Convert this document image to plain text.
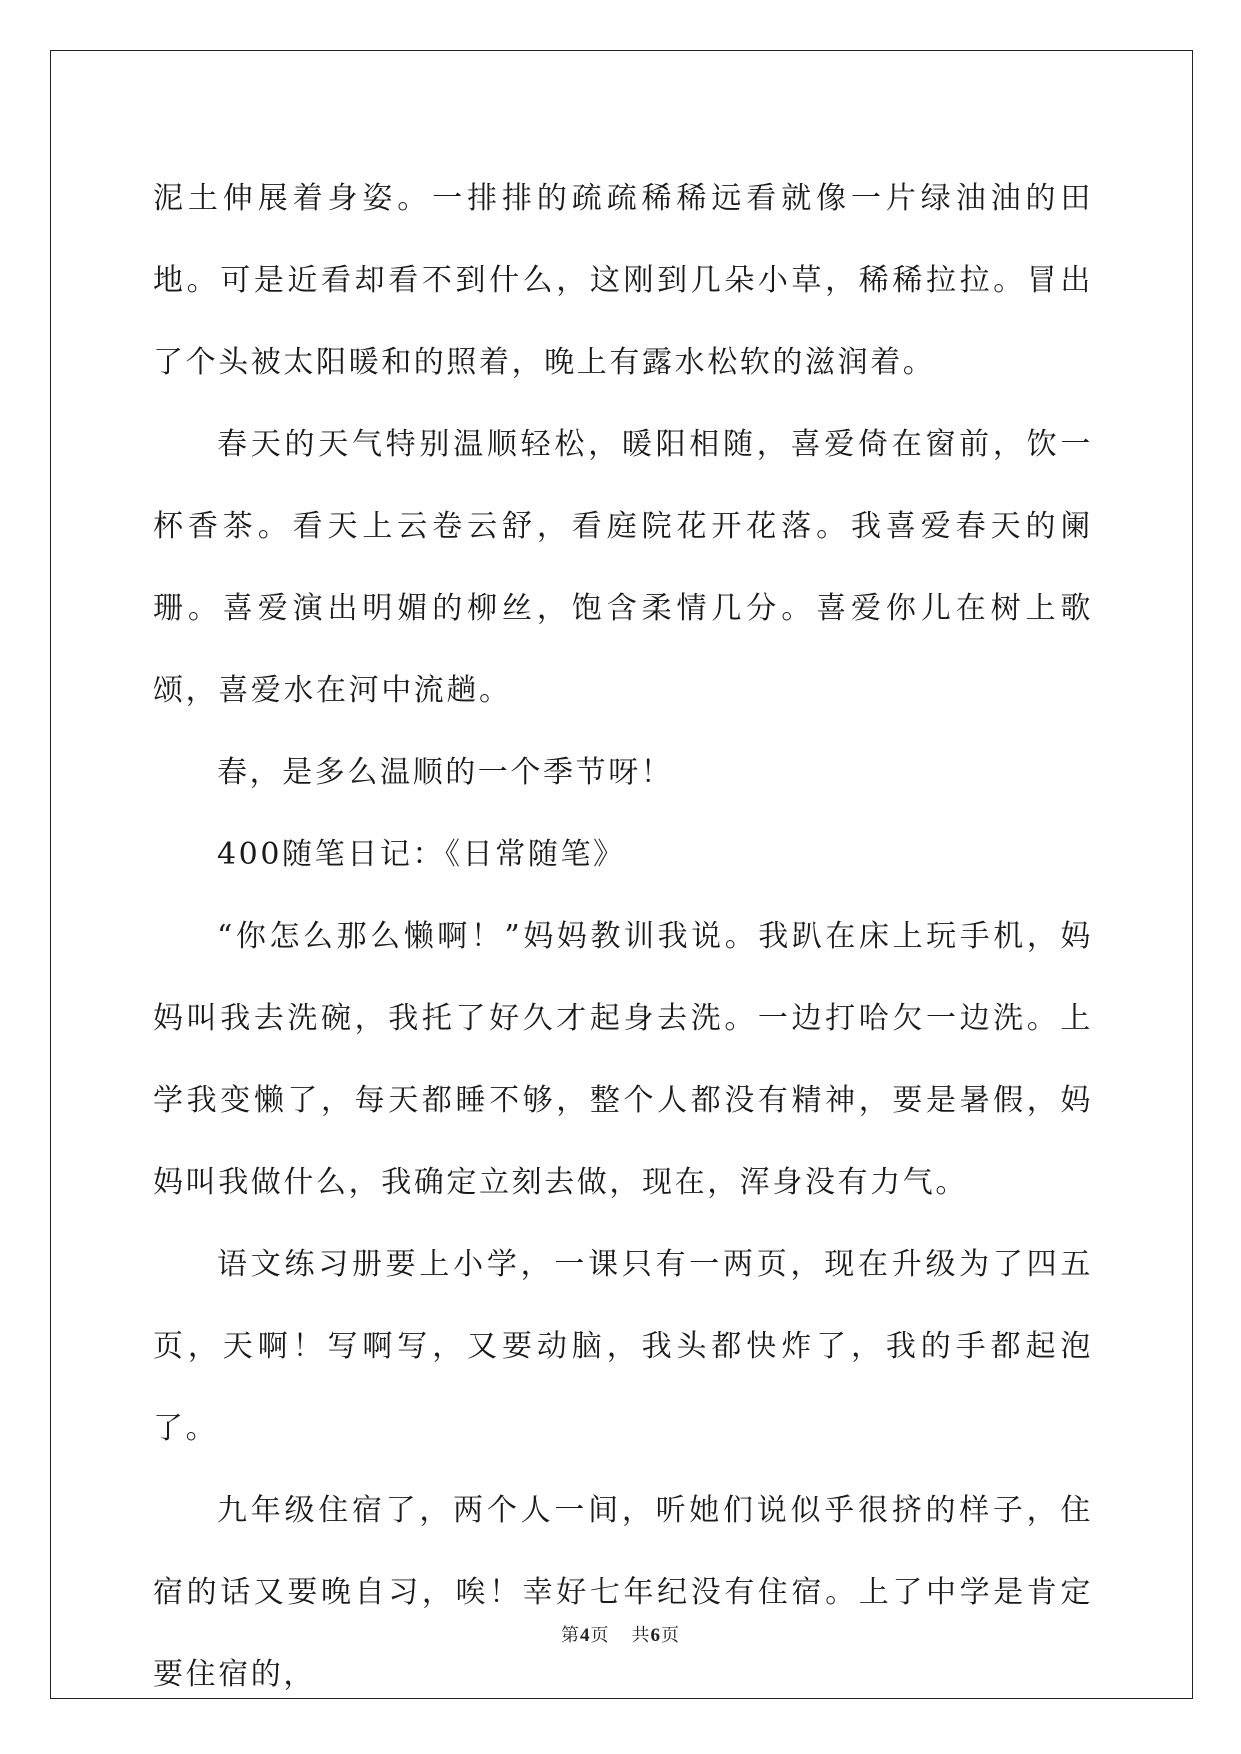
泥土伸展着身姿。一排排的疏疏稀稀远看就像一片绿油油的田地。可是近看却看不到什么，这刚到几朵小草，稀稀拉拉。冒出了个头被太阳暖和的照着，晚上有露水松软的滋润着。

春天的天气特别温顺轻松，暖阳相随，喜爱倚在窗前，饮一杯香茶。看天上云卷云舒，看庭院花开花落。我喜爱春天的阑珊。喜爱演出明媚的柳丝，饱含柔情几分。喜爱你儿在树上歌颂，喜爱水在河中流趟。

春，是多么温顺的一个季节呀！

400随笔日记：《日常随笔》

“你怎么那么懒啊！”妈妈教训我说。我趴在床上玩手机，妈妈叫我去洗碗，我托了好久才起身去洗。一边打哈欠一边洗。上学我变懒了，每天都睡不够，整个人都没有精神，要是暑假，妈妈叫我做什么，我确定立刻去做，现在，浑身没有力气。

语文练习册要上小学，一课只有一两页，现在升级为了四五页，天啊！写啊写，又要动脑，我头都快炸了，我的手都起泡了。

九年级住宿了，两个人一间，听她们说似乎很挤的样子，住宿的话又要晚自习，唉！幸好七年纪没有住宿。上了中学是肯定要住宿的，

第4页 共6页
